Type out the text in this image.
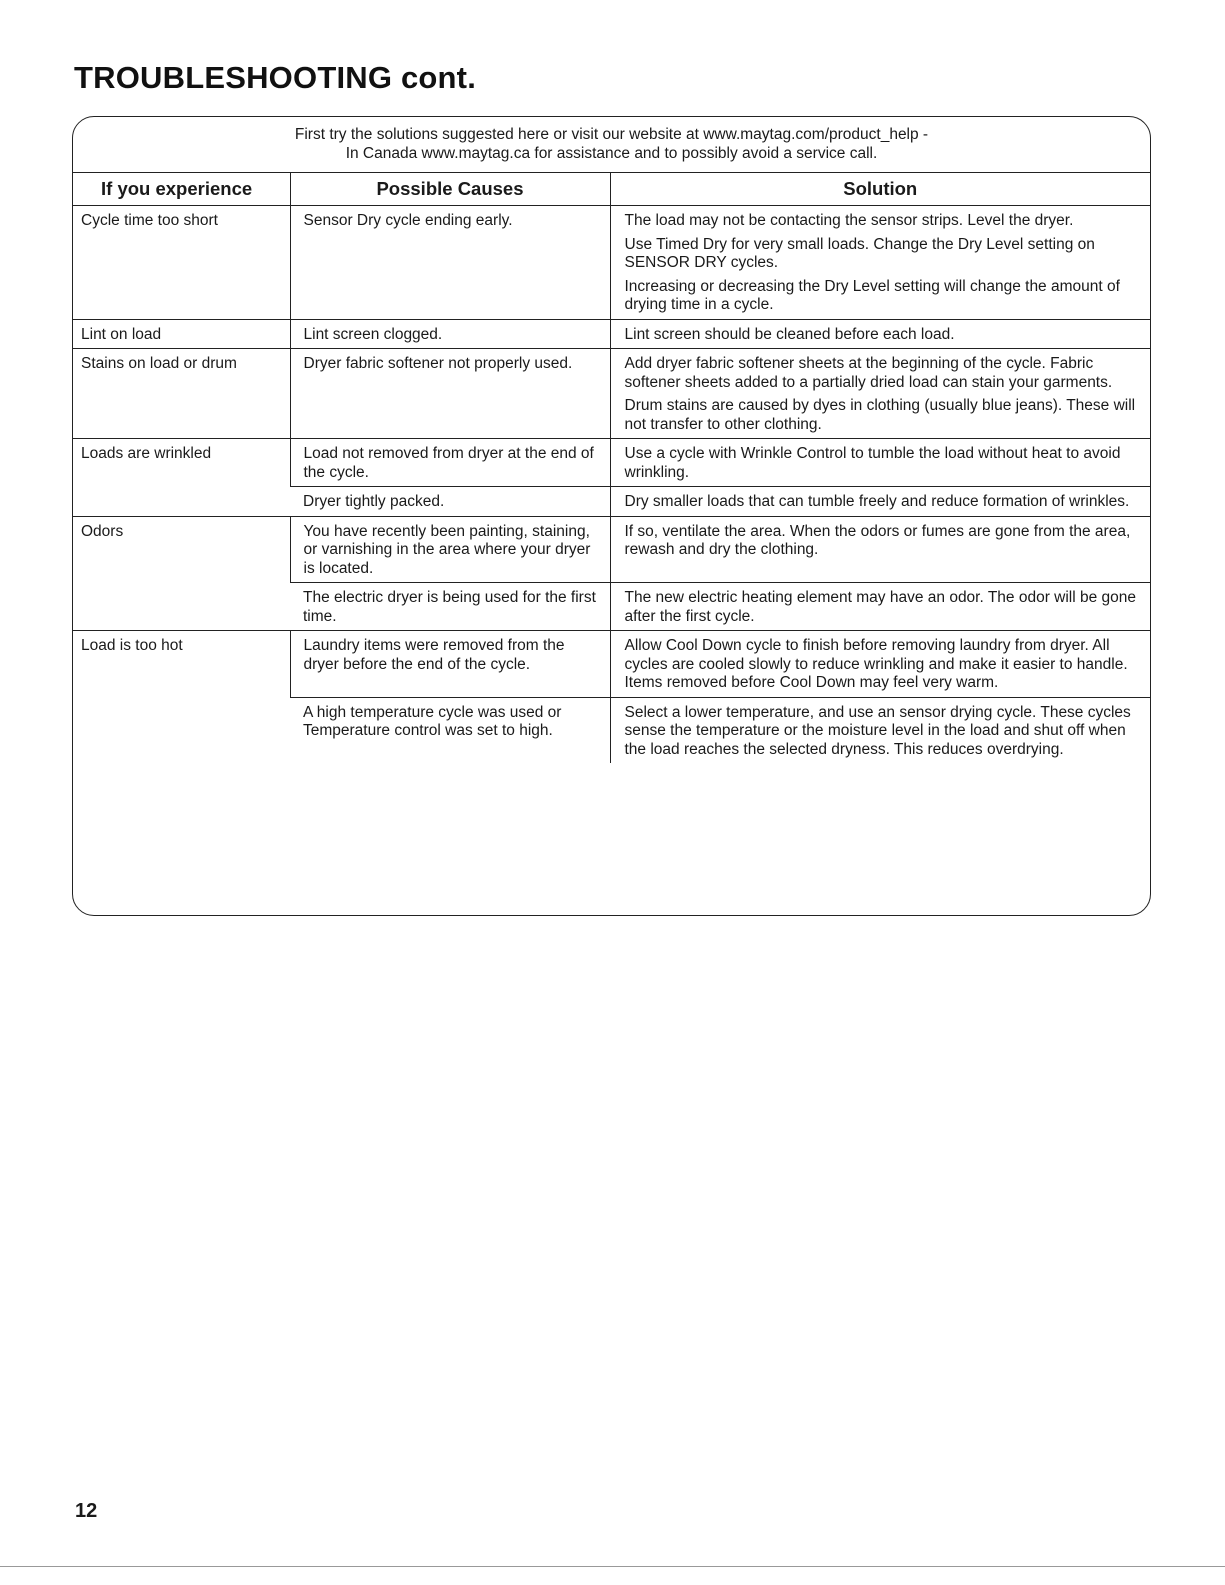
TROUBLESHOOTING cont.
First try the solutions suggested here or visit our website at www.maytag.com/product_help -
In Canada www.maytag.ca for assistance and to possibly avoid a service call.
If you experience	Possible Causes	Solution
Cycle time too short	Sensor Dry cycle ending early.	The load may not be contacting the sensor strips. Level the dryer.
Use Timed Dry for very small loads. Change the Dry Level setting on SENSOR DRY cycles.
Increasing or decreasing the Dry Level setting will change the amount of drying time in a cycle.

Lint on load	Lint screen clogged.	Lint screen should be cleaned before each load.

Stains on load or drum	Dryer fabric softener not properly used.	Add dryer fabric softener sheets at the beginning of the cycle. Fabric softener sheets added to a partially dried load can stain your garments.
Drum stains are caused by dyes in clothing (usually blue jeans). These will not transfer to other clothing.

Loads are wrinkled	Load not removed from dryer at the end of the cycle.	Use a cycle with Wrinkle Control to tumble the load without heat to avoid wrinkling.

	Dryer tightly packed.	Dry smaller loads that can tumble freely and reduce formation of wrinkles.

Odors	You have recently been painting, staining, or varnishing in the area where your dryer is located.	If so, ventilate the area. When the odors or fumes are gone from the area, rewash and dry the clothing.

	The electric dryer is being used for the first time.	The new electric heating element may have an odor. The odor will be gone after the first cycle.

Load is too hot	Laundry items were removed from the dryer before the end of the cycle.	Allow Cool Down cycle to finish before removing laundry from dryer. All cycles are cooled slowly to reduce wrinkling and make it easier to handle. Items removed before Cool Down may feel very warm.

	A high temperature cycle was used or Temperature control was set to high.	Select a lower temperature, and use an sensor drying cycle. These cycles sense the temperature or the moisture level in the load and shut off when the load reaches the selected dryness. This reduces overdrying.
12
